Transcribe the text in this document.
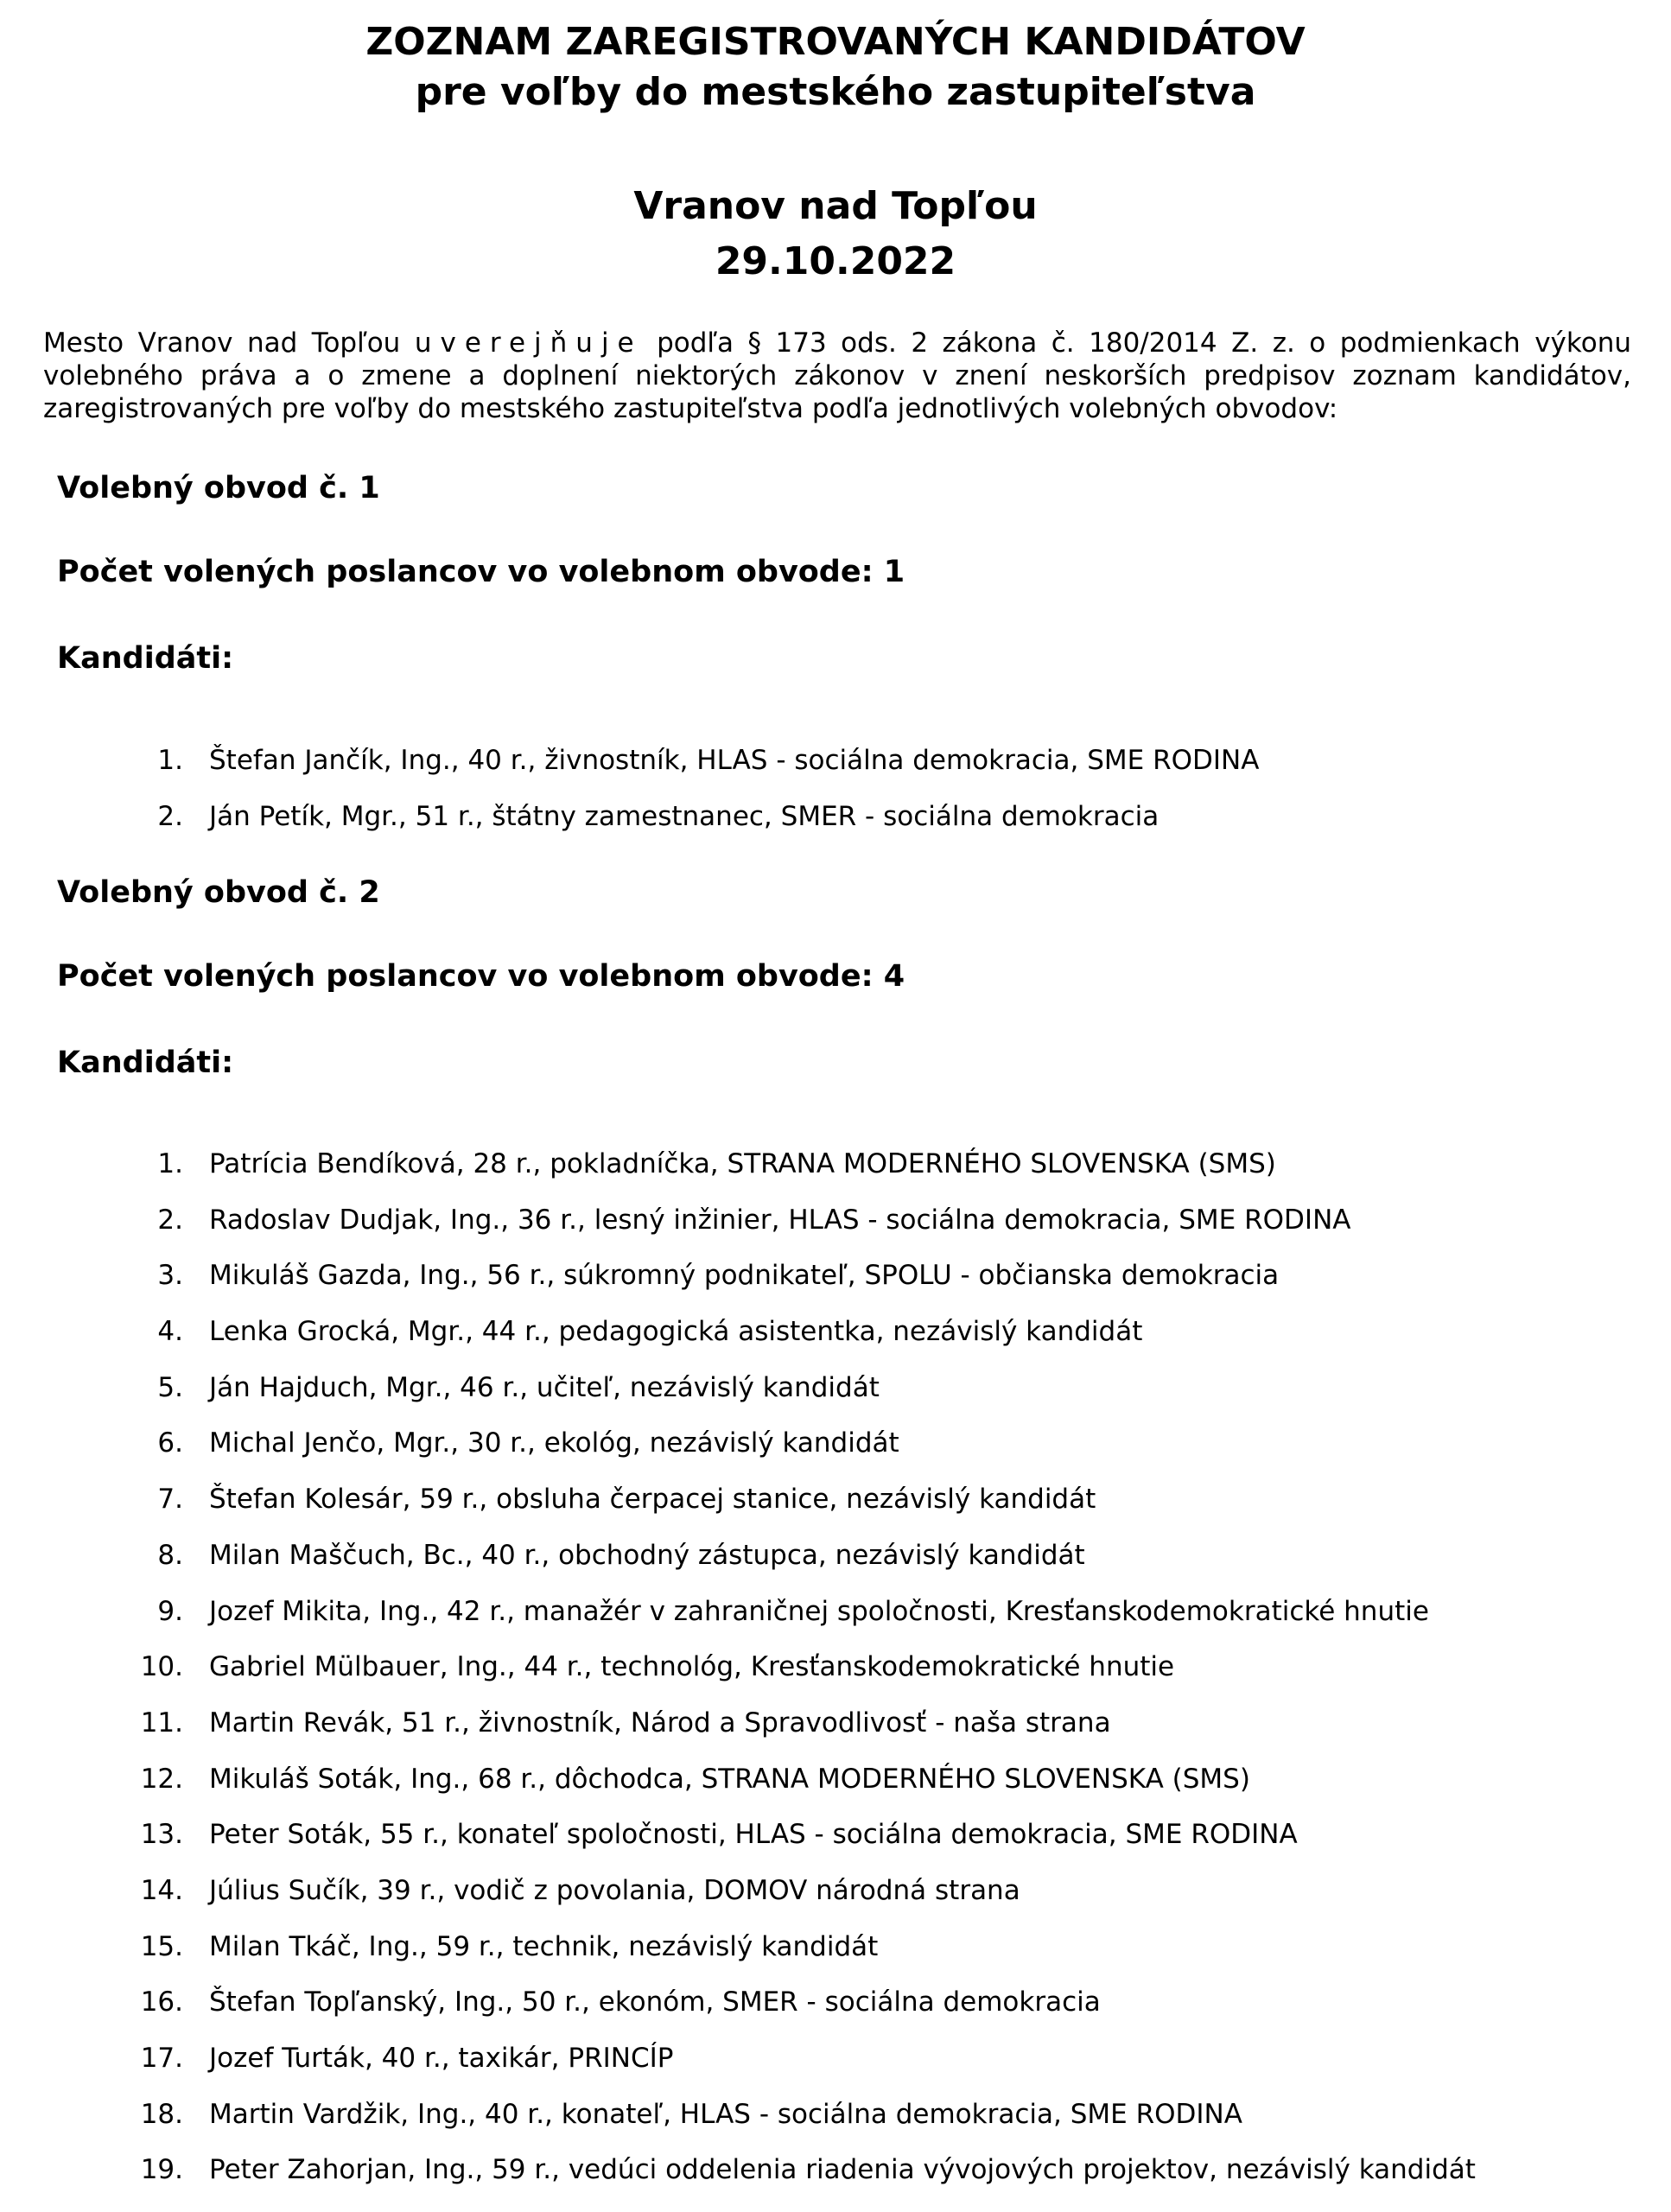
ZOZNAM ZAREGISTROVANÝCH KANDIDÁTOV
pre voľby do mestského zastupiteľstva
Vranov nad Topľou
29.10.2022

Mesto Vranov nad Topľou uverejňuje podľa § 173 ods. 2 zákona č. 180/2014 Z. z. o podmienkach výkonu volebného práva a o zmene a doplnení niektorých zákonov v znení neskorších predpisov zoznam kandidátov, zaregistrovaných pre voľby do mestského zastupiteľstva podľa jednotlivých volebných obvodov:

Volebný obvod č. 1

Počet volených poslancov vo volebnom obvode: 1

Kandidáti:

1. Štefan Jančík, Ing., 40 r., živnostník, HLAS - sociálna demokracia, SME RODINA
2. Ján Petík, Mgr., 51 r., štátny zamestnanec, SMER - sociálna demokracia

Volebný obvod č. 2

Počet volených poslancov vo volebnom obvode: 4

Kandidáti:

1. Patrícia Bendíková, 28 r., pokladníčka, STRANA MODERNÉHO SLOVENSKA (SMS)
2. Radoslav Dudjak, Ing., 36 r., lesný inžinier, HLAS - sociálna demokracia, SME RODINA
3. Mikuláš Gazda, Ing., 56 r., súkromný podnikateľ, SPOLU - občianska demokracia
4. Lenka Grocká, Mgr., 44 r., pedagogická asistentka, nezávislý kandidát
5. Ján Hajduch, Mgr., 46 r., učiteľ, nezávislý kandidát
6. Michal Jenčo, Mgr., 30 r., ekológ, nezávislý kandidát
7. Štefan Kolesár, 59 r., obsluha čerpacej stanice, nezávislý kandidát
8. Milan Maščuch, Bc., 40 r., obchodný zástupca, nezávislý kandidát
9. Jozef Mikita, Ing., 42 r., manažér v zahraničnej spoločnosti, Kresťanskodemokratické hnutie
10. Gabriel Mülbauer, Ing., 44 r., technológ, Kresťanskodemokratické hnutie
11. Martin Revák, 51 r., živnostník, Národ a Spravodlivosť - naša strana
12. Mikuláš Soták, Ing., 68 r., dôchodca, STRANA MODERNÉHO SLOVENSKA (SMS)
13. Peter Soták, 55 r., konateľ spoločnosti, HLAS - sociálna demokracia, SME RODINA
14. Július Sučík, 39 r., vodič z povolania, DOMOV národná strana
15. Milan Tkáč, Ing., 59 r., technik, nezávislý kandidát
16. Štefan Topľanský, Ing., 50 r., ekonóm, SMER - sociálna demokracia
17. Jozef Turták, 40 r., taxikár, PRINCÍP
18. Martin Vardžik, Ing., 40 r., konateľ, HLAS - sociálna demokracia, SME RODINA
19. Peter Zahorjan, Ing., 59 r., vedúci oddelenia riadenia vývojových projektov, nezávislý kandidát
